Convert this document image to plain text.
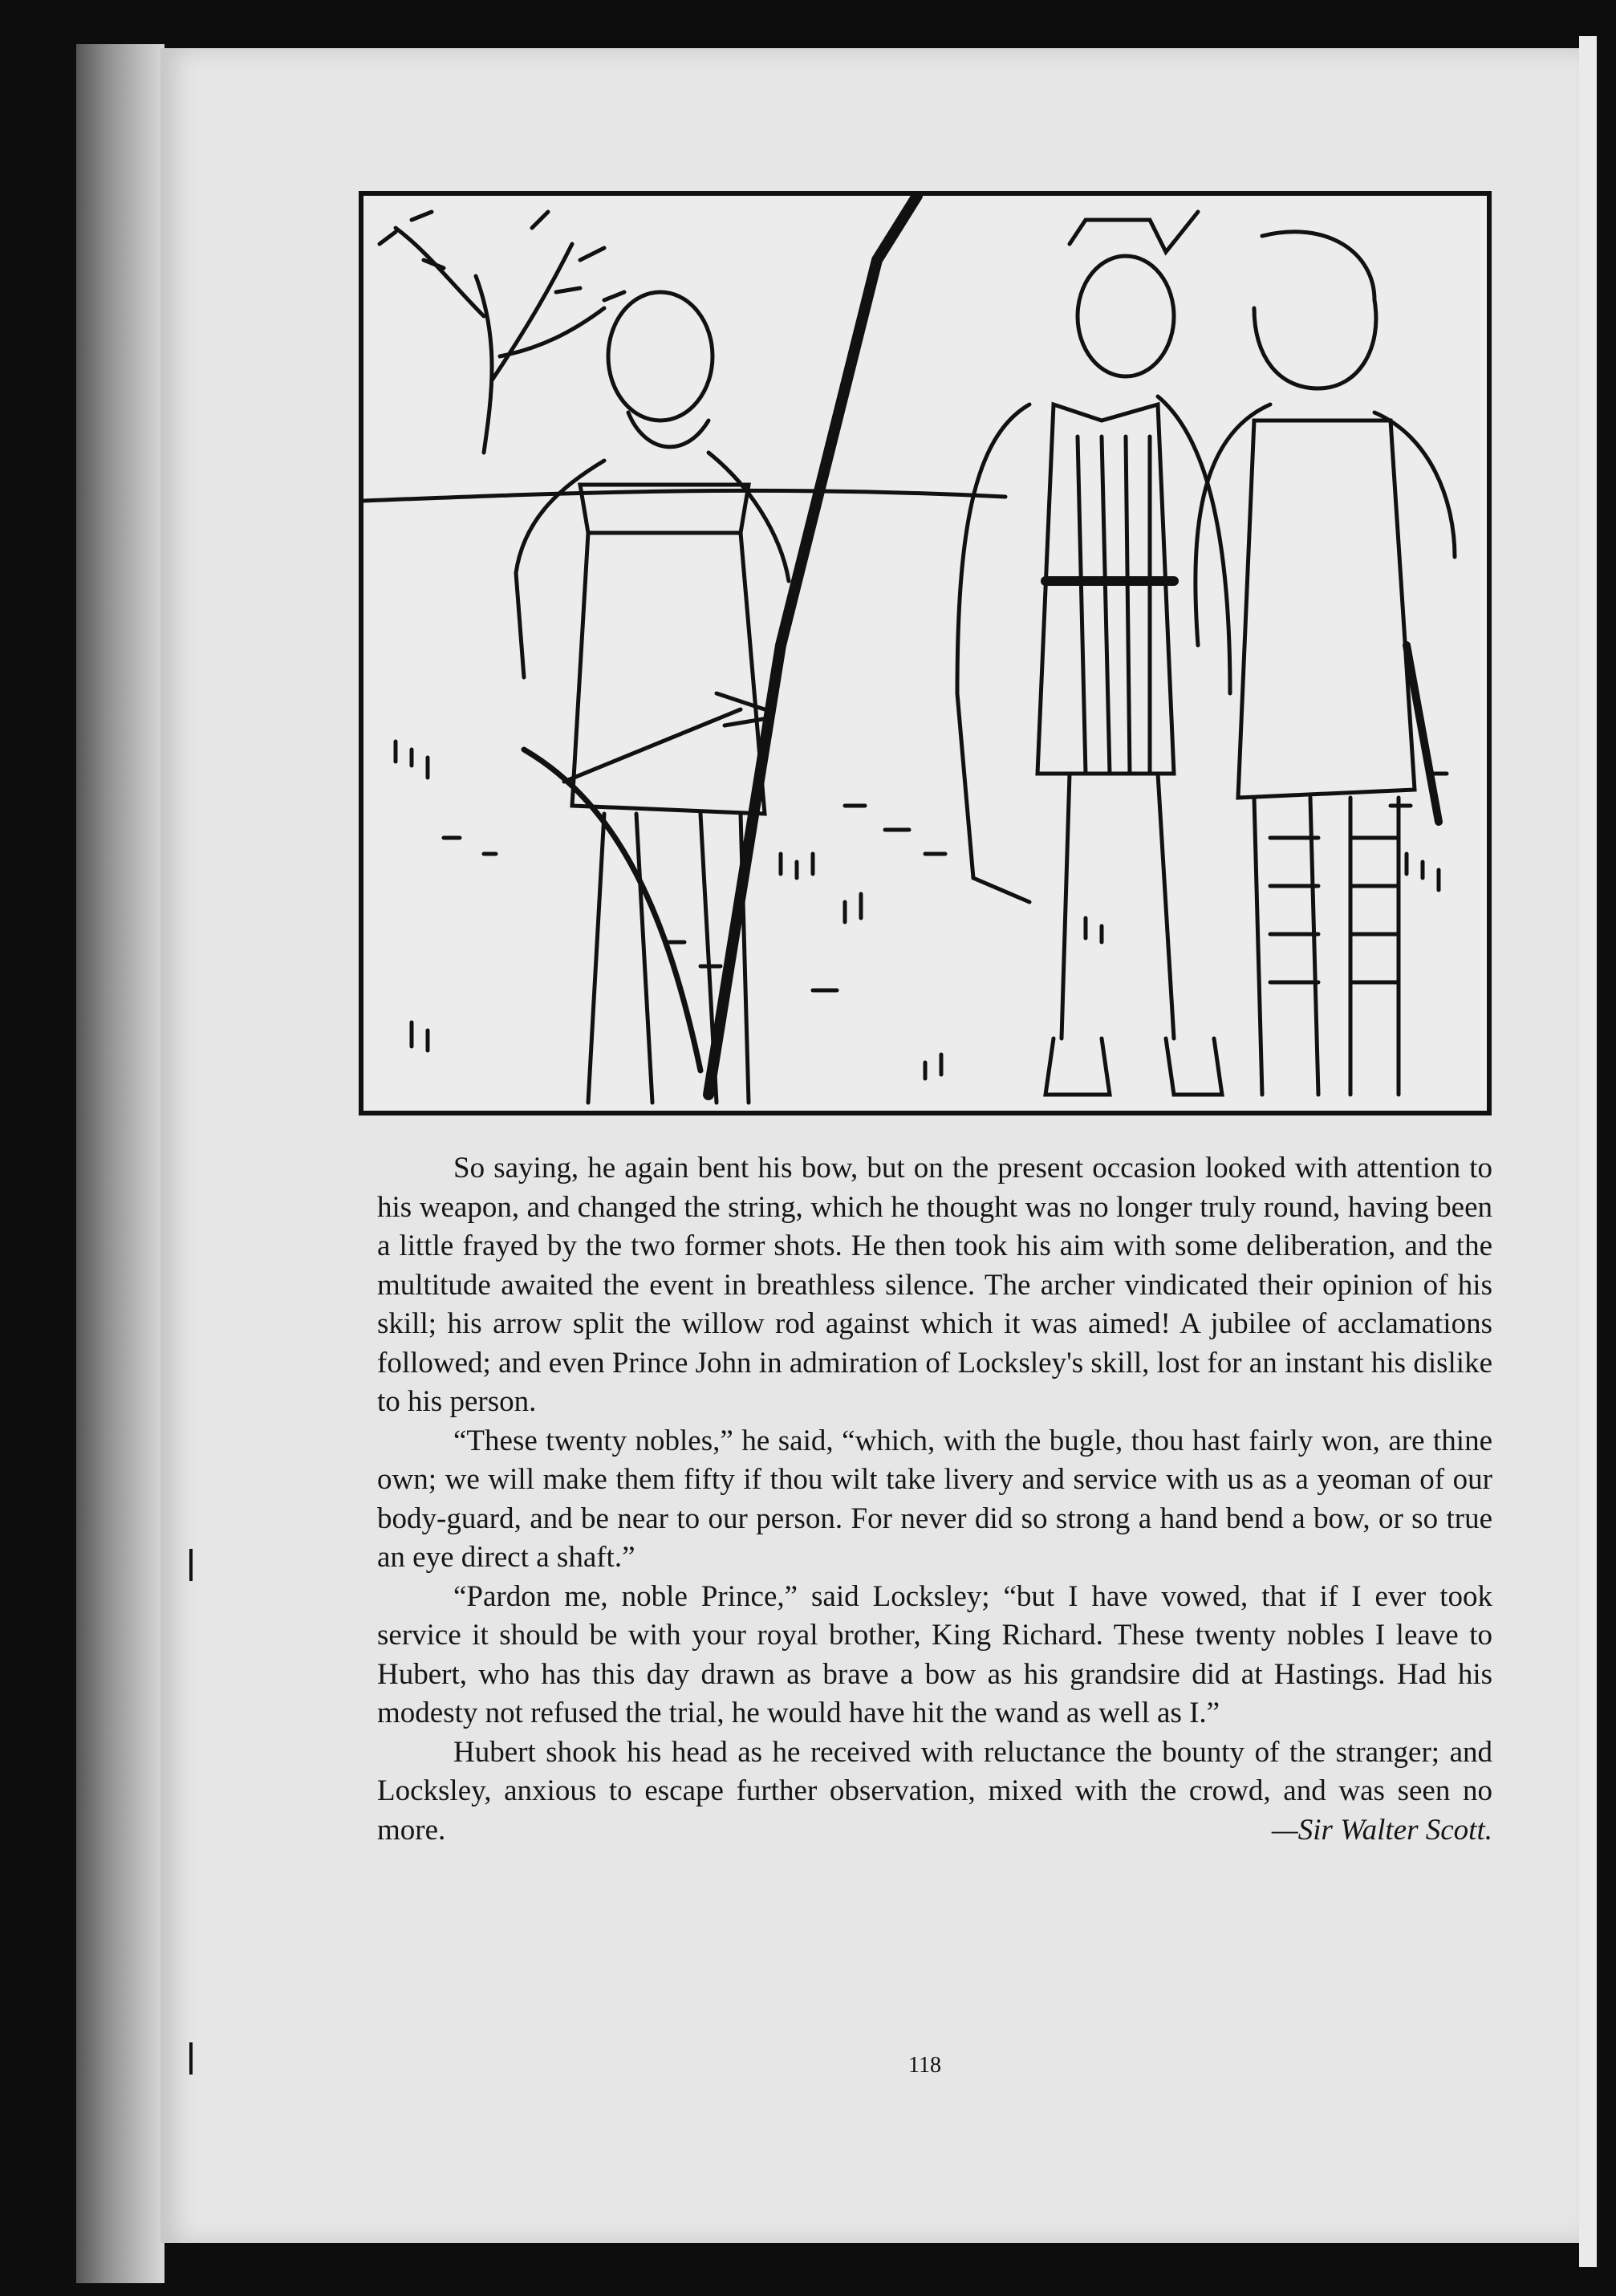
So saying, he again bent his bow, but on the present occasion looked with attention to his weapon, and changed the string, which he thought was no longer truly round, having been a little frayed by the two former shots. He then took his aim with some deliberation, and the multitude awaited the event in breathless silence. The archer vindicated their opinion of his skill; his arrow split the willow rod against which it was aimed! A jubilee of acclamations followed; and even Prince John in admiration of Locksley's skill, lost for an instant his dislike to his person.

“These twenty nobles,” he said, “which, with the bugle, thou hast fairly won, are thine own; we will make them fifty if thou wilt take livery and service with us as a yeoman of our body-guard, and be near to our person. For never did so strong a hand bend a bow, or so true an eye direct a shaft.”

“Pardon me, noble Prince,” said Locksley; “but I have vowed, that if I ever took service it should be with your royal brother, King Richard. These twenty nobles I leave to Hubert, who has this day drawn as brave a bow as his grandsire did at Hastings. Had his modesty not refused the trial, he would have hit the wand as well as I.”

Hubert shook his head as he received with reluctance the bounty of the stranger; and Locksley, anxious to escape further observation, mixed with the crowd, and was seen no more.	—Sir Walter Scott.

118
